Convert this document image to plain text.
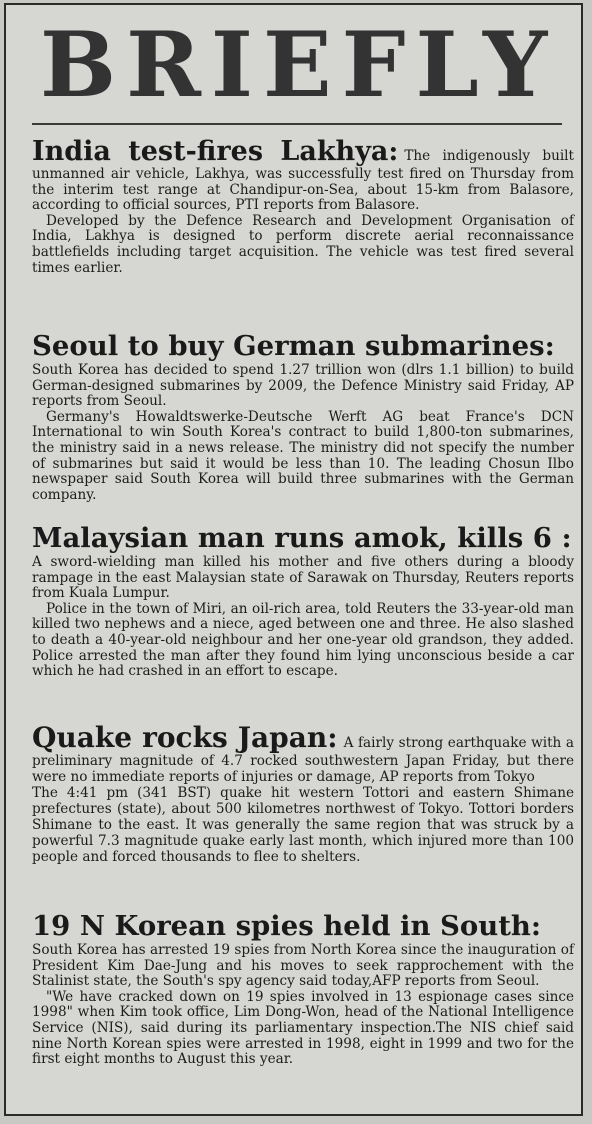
BRIEFLY

India test-fires Lakhya: The indigenously built unmanned air vehicle, Lakhya, was successfully test fired on Thursday from the interim test range at Chandipur-on-Sea, about 15-km from Balasore, according to official sources, PTI reports from Balasore.

Developed by the Defence Research and Development Organisation of India, Lakhya is designed to perform discrete aerial reconnaissance battlefields including target acquisition. The vehicle was test fired several times earlier.

Seoul to buy German submarines:

South Korea has decided to spend 1.27 trillion won (dlrs 1.1 billion) to build German-designed submarines by 2009, the Defence Ministry said Friday, AP reports from Seoul.

Germany's Howaldtswerke-Deutsche Werft AG beat France's DCN International to win South Korea's contract to build 1,800-ton submarines, the ministry said in a news release. The ministry did not specify the number of submarines but said it would be less than 10. The leading Chosun Ilbo newspaper said South Korea will build three submarines with the German company.

Malaysian man runs amok, kills 6 :

A sword-wielding man killed his mother and five others during a bloody rampage in the east Malaysian state of Sarawak on Thursday, Reuters reports from Kuala Lumpur.

Police in the town of Miri, an oil-rich area, told Reuters the 33-year-old man killed two nephews and a niece, aged between one and three. He also slashed to death a 40-year-old neighbour and her one-year old grandson, they added. Police arrested the man after they found him lying unconscious beside a car which he had crashed in an effort to escape.

Quake rocks Japan: A fairly strong earthquake with a preliminary magnitude of 4.7 rocked southwestern Japan Friday, but there were no immediate reports of injuries or damage, AP reports from Tokyo

The 4:41 pm (341 BST) quake hit western Tottori and eastern Shimane prefectures (state), about 500 kilometres northwest of Tokyo. Tottori borders Shimane to the east. It was generally the same region that was struck by a powerful 7.3 magnitude quake early last month, which injured more than 100 people and forced thousands to flee to shelters.

19 N Korean spies held in South:

South Korea has arrested 19 spies from North Korea since the inauguration of President Kim Dae-Jung and his moves to seek rapprochement with the Stalinist state, the South's spy agency said today,AFP reports from Seoul.

"We have cracked down on 19 spies involved in 13 espionage cases since 1998" when Kim took office, Lim Dong-Won, head of the National Intelligence Service (NIS), said during its parliamentary inspection.The NIS chief said nine North Korean spies were arrested in 1998, eight in 1999 and two for the first eight months to August this year.
